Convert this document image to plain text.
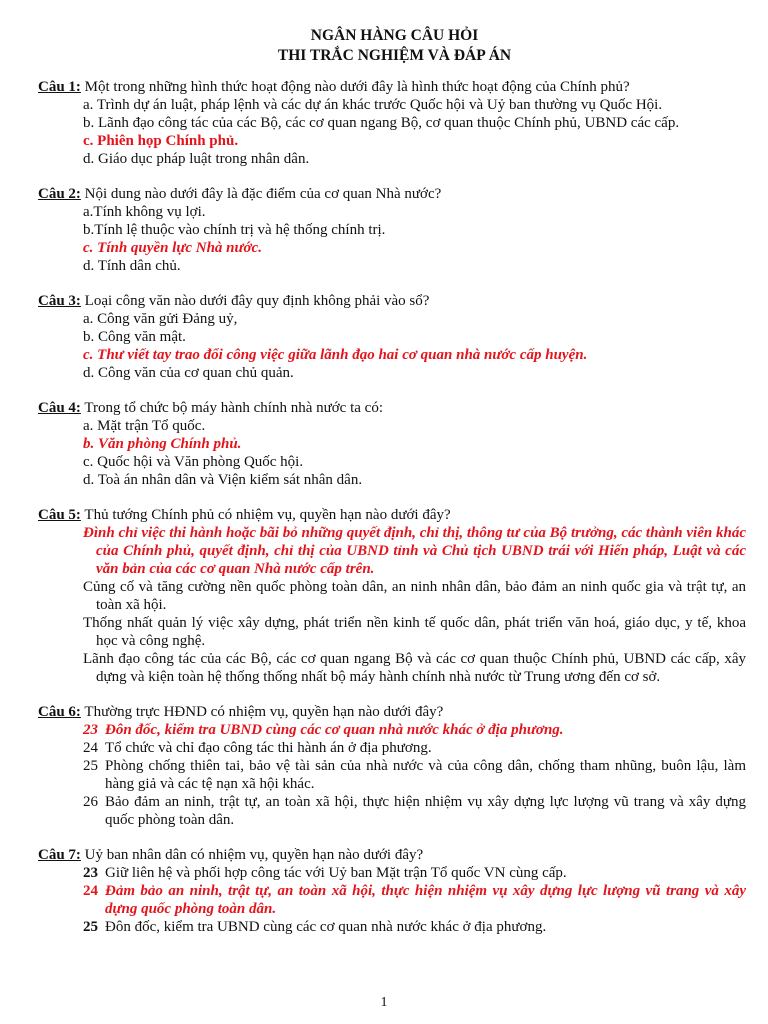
NGÂN HÀNG CÂU HỎI
THI TRẮC NGHIỆM VÀ ĐÁP ÁN
Câu 1: Một trong những hình thức hoạt động nào dưới đây là hình thức hoạt động của Chính phủ?
a. Trình dự án luật, pháp lệnh và các dự án khác trước Quốc hội và Uỷ ban thường vụ Quốc Hội.
b. Lãnh đạo công tác của các Bộ, các cơ quan ngang Bộ, cơ quan thuộc Chính phủ, UBND các cấp.
c. Phiên họp Chính phủ.
d. Giáo dục pháp luật trong nhân dân.
Câu 2: Nội dung nào dưới đây là đặc điểm của cơ quan Nhà nước?
a.Tính không vụ lợi.
b.Tính lệ thuộc vào chính trị và hệ thống chính trị.
c. Tính quyền lực Nhà nước.
d. Tính dân chủ.
Câu 3: Loại công văn nào dưới đây quy định không phải vào sổ?
a. Công văn gửi Đảng uỷ,
b. Công văn mật.
c. Thư viết tay trao đổi công việc giữa lãnh đạo hai cơ quan nhà nước cấp huyện.
d. Công văn của cơ quan chủ quản.
Câu 4: Trong tổ chức bộ máy hành chính nhà nước ta có:
a. Mặt trận Tổ quốc.
b. Văn phòng Chính phủ.
c. Quốc hội và Văn phòng Quốc hội.
d. Toà án nhân dân và Viện kiểm sát nhân dân.
Câu 5: Thủ tướng Chính phủ có nhiệm vụ, quyền hạn nào dưới đây?
Đình chỉ việc thi hành hoặc bãi bỏ những quyết định, chỉ thị, thông tư của Bộ trưởng, các thành viên khác của Chính phủ, quyết định, chỉ thị của UBND tỉnh và Chủ tịch UBND trái với Hiến pháp, Luật và các văn bản của các cơ quan Nhà nước cấp trên.
Củng cố và tăng cường nền quốc phòng toàn dân, an ninh nhân dân, bảo đảm an ninh quốc gia và trật tự, an toàn xã hội.
Thống nhất quản lý việc xây dựng, phát triển nền kinh tế quốc dân, phát triển văn hoá, giáo dục, y tế, khoa học và công nghệ.
Lãnh đạo công tác của các Bộ, các cơ quan ngang Bộ và các cơ quan thuộc Chính phủ, UBND các cấp, xây dựng và kiện toàn hệ thống thống nhất bộ máy hành chính nhà nước từ Trung ương đến cơ sở.
Câu 6: Thường trực HĐND có nhiệm vụ, quyền hạn nào dưới đây?
23 Đôn đốc, kiểm tra UBND cùng các cơ quan nhà nước khác ở địa phương.
24 Tổ chức và chỉ đạo công tác thi hành án ở địa phương.
25 Phòng chống thiên tai, bảo vệ tài sản của nhà nước và của công dân, chống tham nhũng, buôn lậu, làm hàng giả và các tệ nạn xã hội khác.
26 Bảo đảm an ninh, trật tự, an toàn xã hội, thực hiện nhiệm vụ xây dựng lực lượng vũ trang và xây dựng quốc phòng toàn dân.
Câu 7: Uỷ ban nhân dân có nhiệm vụ, quyền hạn nào dưới đây?
23 Giữ liên hệ và phối hợp công tác với Uỷ ban Mặt trận Tổ quốc VN cùng cấp.
24 Đảm bảo an ninh, trật tự, an toàn xã hội, thực hiện nhiệm vụ xây dựng lực lượng vũ trang và xây dựng quốc phòng toàn dân.
25 Đôn đốc, kiểm tra UBND cùng các cơ quan nhà nước khác ở địa phương.
1
